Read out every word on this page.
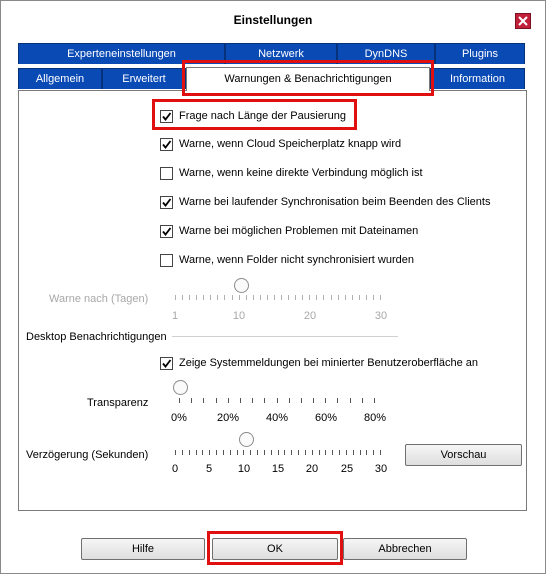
Einstellungen
Experteneinstellungen	Netzwerk	DynDNS	Plugins
Allgemein	Erweitert	Warnungen & Benachrichtigungen	Information
Frage nach Länge der Pausierung
Warne, wenn Cloud Speicherplatz knapp wird
Warne, wenn keine direkte Verbindung möglich ist
Warne bei laufender Synchronisation beim Beenden des Clients
Warne bei möglichen Problemen mit Dateinamen
Warne, wenn Folder nicht synchronisiert wurden
Warne nach (Tagen)
1	10	20	30
Desktop Benachrichtigungen
Zeige Systemmeldungen bei minierter Benutzeroberfläche an
Transparenz
0%	20% 40% 60% 80%
Verzögerung (Sekunden)
0	5 10 15 20 25 30
Vorschau
Hilfe	OK	Abbrechen
